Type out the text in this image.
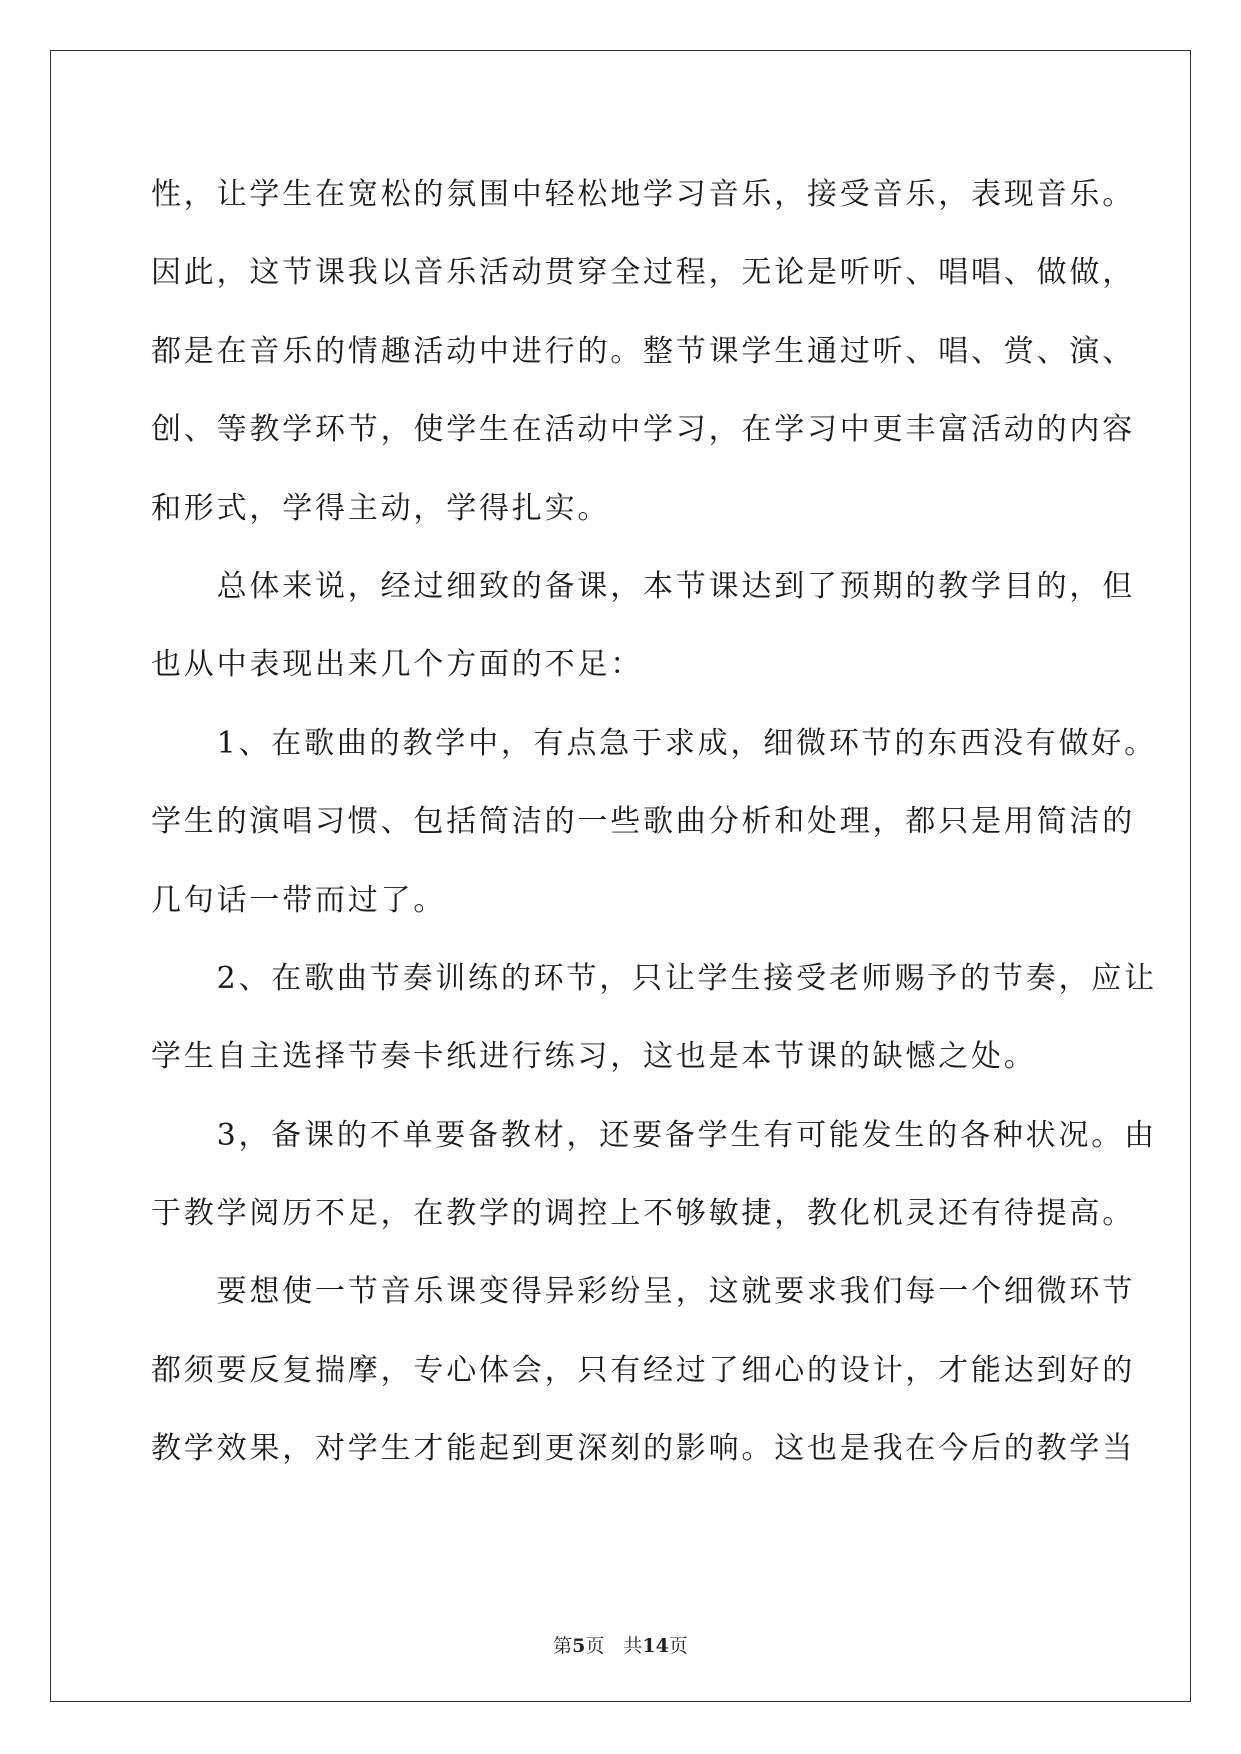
性，让学生在宽松的氛围中轻松地学习音乐，接受音乐，表现音乐。
因此，这节课我以音乐活动贯穿全过程，无论是听听、唱唱、做做，
都是在音乐的情趣活动中进行的。整节课学生通过听、唱、赏、演、
创、等教学环节，使学生在活动中学习，在学习中更丰富活动的内容
和形式，学得主动，学得扎实。
　　总体来说，经过细致的备课，本节课达到了预期的教学目的，但
也从中表现出来几个方面的不足：
　　1、在歌曲的教学中，有点急于求成，细微环节的东西没有做好。
学生的演唱习惯、包括简洁的一些歌曲分析和处理，都只是用简洁的
几句话一带而过了。
　　2、在歌曲节奏训练的环节，只让学生接受老师赐予的节奏，应让
学生自主选择节奏卡纸进行练习，这也是本节课的缺憾之处。
　　3，备课的不单要备教材，还要备学生有可能发生的各种状况。由
于教学阅历不足，在教学的调控上不够敏捷，教化机灵还有待提高。
　　要想使一节音乐课变得异彩纷呈，这就要求我们每一个细微环节
都须要反复揣摩，专心体会，只有经过了细心的设计，才能达到好的
教学效果，对学生才能起到更深刻的影响。这也是我在今后的教学当
第5页  共14页
